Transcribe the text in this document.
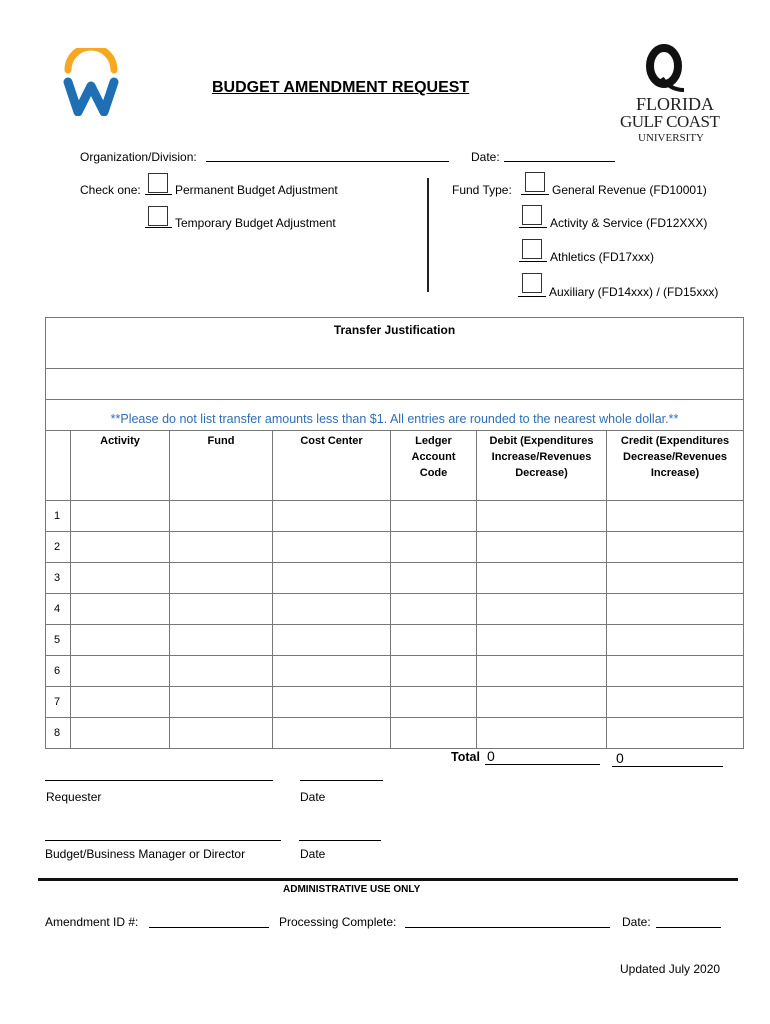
BUDGET AMENDMENT REQUEST
FLORIDA
GULF COAST
UNIVERSITY
Organization/Division:	Date:
Check one:	Permanent Budget Adjustment
Temporary Budget Adjustment
Fund Type:	General Revenue (FD10001)
Activity & Service (FD12XXX)
Athletics (FD17xxx)
Auxiliary (FD14xxx) / (FD15xxx)
Transfer Justification
**Please do not list transfer amounts less than $1. All entries are rounded to the nearest whole dollar.**
	Activity	Fund	Cost Center	Ledger Account Code	Debit (Expenditures Increase/Revenues Decrease)	Credit (Expenditures Decrease/Revenues Increase)
1						
2						
3						
4						
5						
6						
7						
8						
Total 0	0
Requester	Date
Budget/Business Manager or Director	Date
ADMINISTRATIVE USE ONLY
Amendment ID #:	Processing Complete:	Date:
Updated July 2020
